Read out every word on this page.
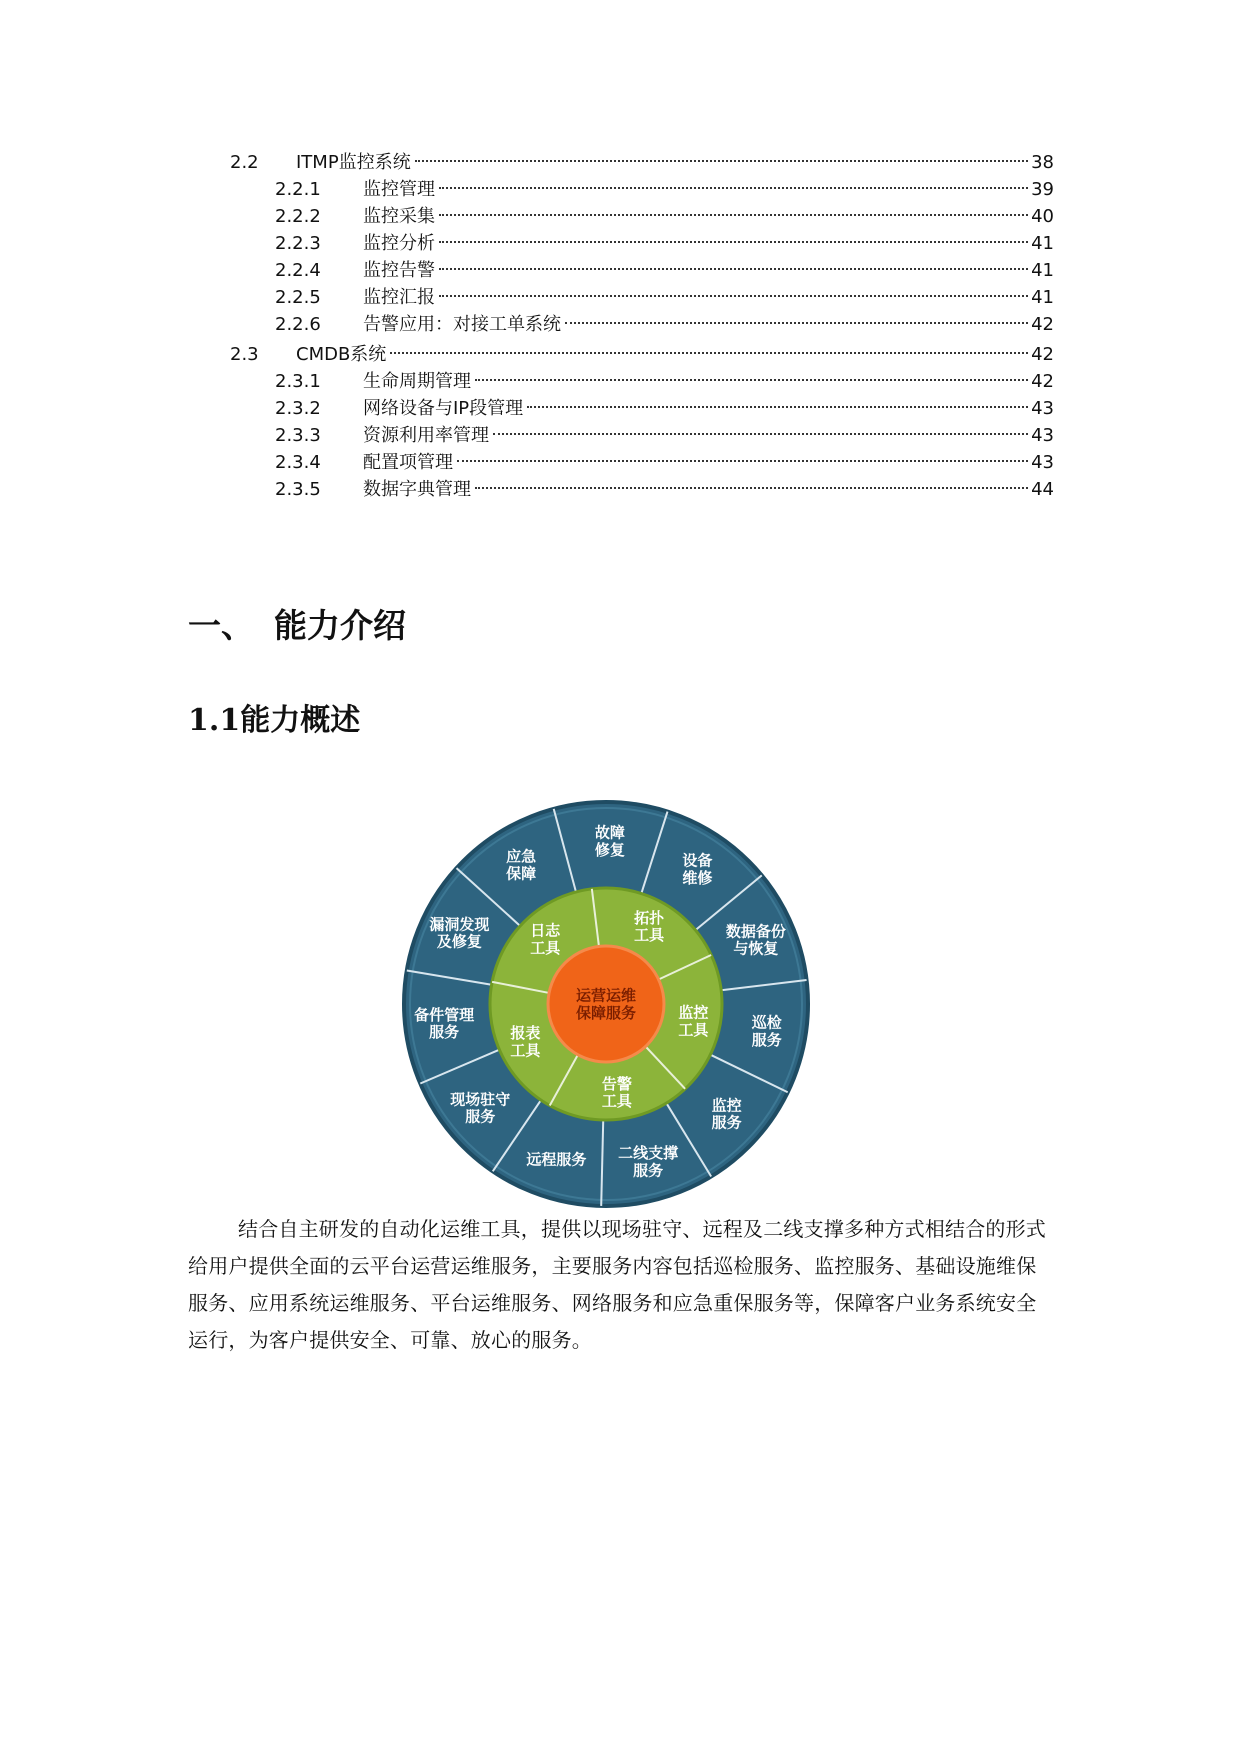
2.2	ITMP监控系统	38
2.2.1	监控管理	39
2.2.2	监控采集	40
2.2.3	监控分析	41
2.2.4	监控告警	41
2.2.5	监控汇报	41
2.2.6	告警应用：对接工单系统	42
2.3	CMDB系统	42
2.3.1	生命周期管理	42
2.3.2	网络设备与IP段管理	43
2.3.3	资源利用率管理	43
2.3.4	配置项管理	43
2.3.5	数据字典管理	44
一、 能力介绍
1.1能力概述
故障修复
设备维修
数据备份与恢复
巡检服务
监控服务
二线支撑服务
远程服务
现场驻守服务
备件管理服务
漏洞发现及修复
应急保障
日志工具
拓扑工具
监控工具
告警工具
报表工具
运营运维保障服务
结合自主研发的自动化运维工具，提供以现场驻守、远程及二线支撑多种方式相结合的形式给用户提供全面的云平台运营运维服务，主要服务内容包括巡检服务、监控服务、基础设施维保服务、应用系统运维服务、平台运维服务、网络服务和应急重保服务等，保障客户业务系统安全运行，为客户提供安全、可靠、放心的服务。
